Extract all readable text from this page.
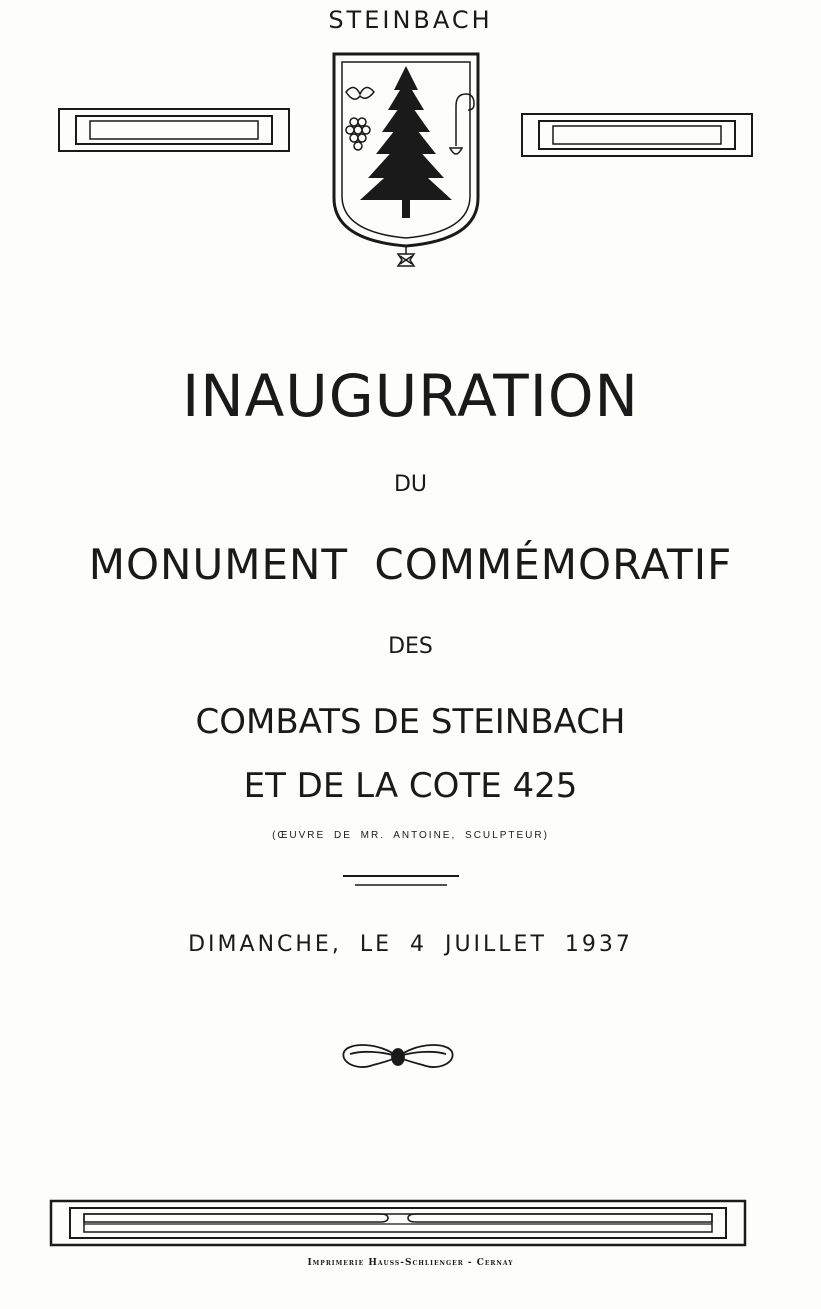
STEINBACH
INAUGURATION
DU
MONUMENT COMMÉMORATIF
DES
COMBATS DE STEINBACH
ET DE LA COTE 425
(ŒUVRE DE MR. ANTOINE, SCULPTEUR)
DIMANCHE, LE 4 JUILLET 1937
Imprimerie Hauss-Schlienger - Cernay
